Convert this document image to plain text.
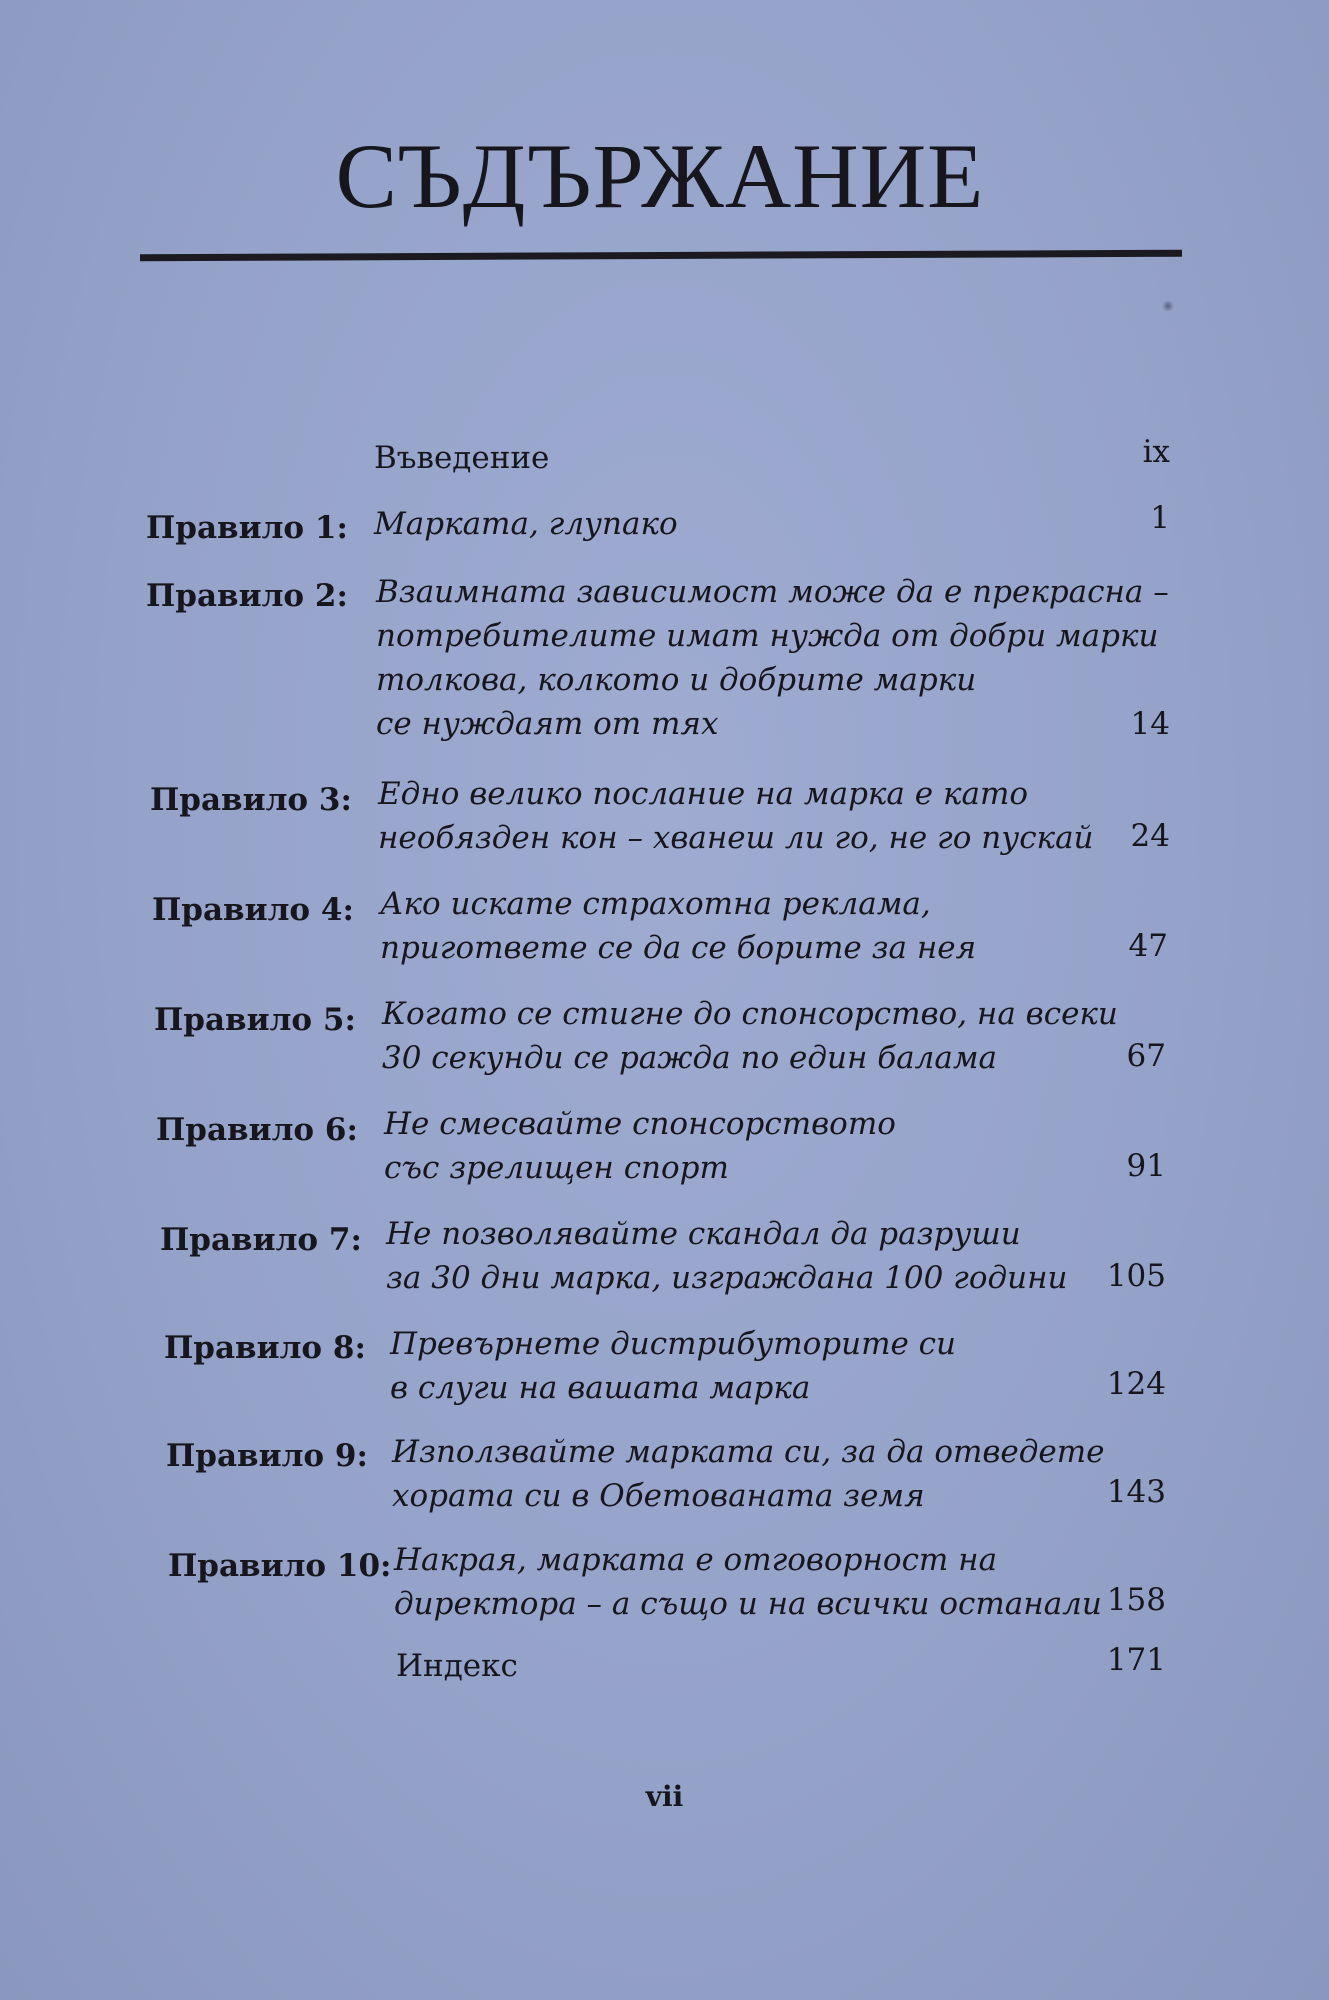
СЪДЪРЖАНИЕ
Въведение	ix
Правило 1: Марката, глупако	1
Правило 2: Взаимната зависимост може да е прекрасна –
потребителите имат нужда от добри марки
толкова, колкото и добрите марки
се нуждаят от тях	14
Правило 3: Едно велико послание на марка е като
необязден кон – хванеш ли го, не го пускай	24
Правило 4: Ако искате страхотна реклама,
пригответе се да се борите за нея	47
Правило 5: Когато се стигне до спонсорство, на всеки
30 секунди се ражда по един балама	67
Правило 6: Не смесвайте спонсорството
със зрелищен спорт	91
Правило 7: Не позволявайте скандал да разруши
за 30 дни марка, изграждана 100 години	105
Правило 8: Превърнете дистрибуторите си
в слуги на вашата марка	124
Правило 9: Използвайте марката си, за да отведете
хората си в Обетованата земя	143
Правило 10: Накрая, марката е отговорност на
директора – а също и на всички останали 158
Индекс	171
vii
